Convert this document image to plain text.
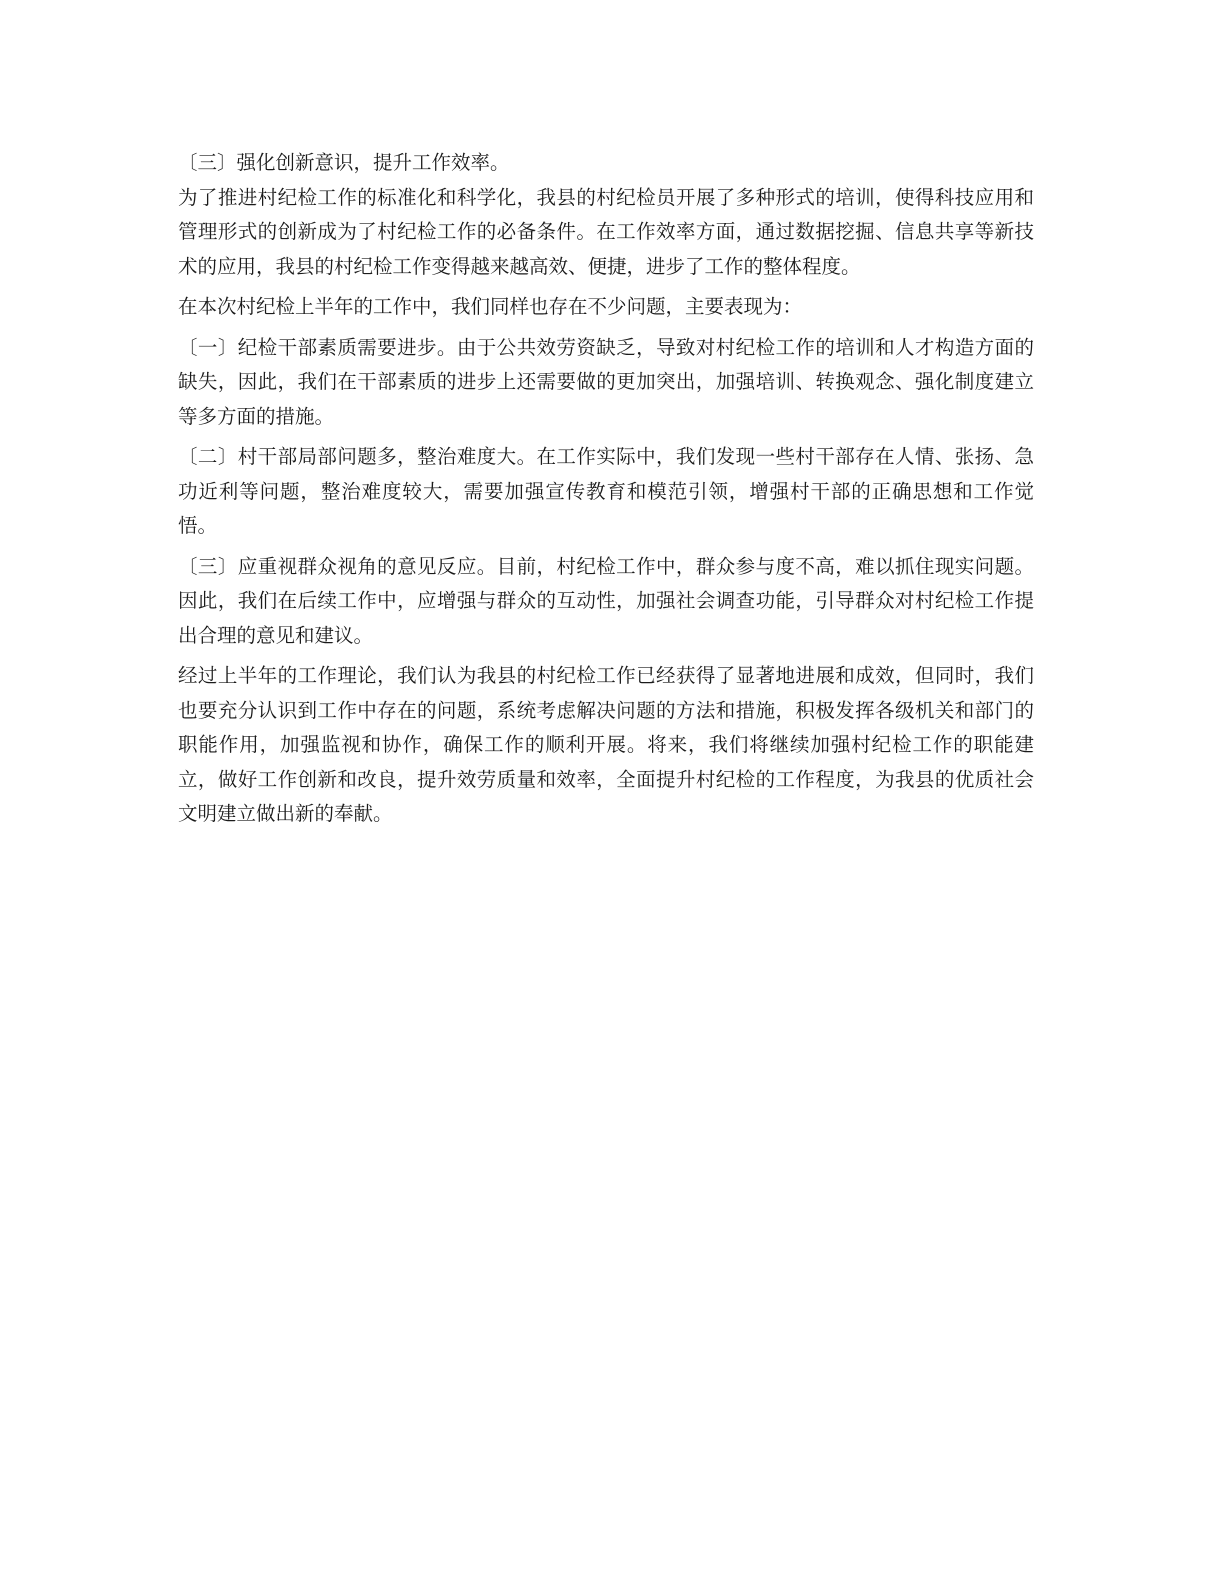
〔三〕强化创新意识，提升工作效率。

为了推进村纪检工作的标准化和科学化，我县的村纪检员开展了多种形式的培训，使得科技应用和管理形式的创新成为了村纪检工作的必备条件。在工作效率方面，通过数据挖掘、信息共享等新技术的应用，我县的村纪检工作变得越来越高效、便捷，进步了工作的整体程度。

在本次村纪检上半年的工作中，我们同样也存在不少问题，主要表现为：

〔一〕纪检干部素质需要进步。由于公共效劳资缺乏，导致对村纪检工作的培训和人才构造方面的缺失，因此，我们在干部素质的进步上还需要做的更加突出，加强培训、转换观念、强化制度建立等多方面的措施。

〔二〕村干部局部问题多，整治难度大。在工作实际中，我们发现一些村干部存在人情、张扬、急功近利等问题，整治难度较大，需要加强宣传教育和模范引领，增强村干部的正确思想和工作觉悟。

〔三〕应重视群众视角的意见反应。目前，村纪检工作中，群众参与度不高，难以抓住现实问题。因此，我们在后续工作中，应增强与群众的互动性，加强社会调查功能，引导群众对村纪检工作提出合理的意见和建议。

经过上半年的工作理论，我们认为我县的村纪检工作已经获得了显著地进展和成效，但同时，我们也要充分认识到工作中存在的问题，系统考虑解决问题的方法和措施，积极发挥各级机关和部门的职能作用，加强监视和协作，确保工作的顺利开展。将来，我们将继续加强村纪检工作的职能建立，做好工作创新和改良，提升效劳质量和效率，全面提升村纪检的工作程度，为我县的优质社会文明建立做出新的奉献。
